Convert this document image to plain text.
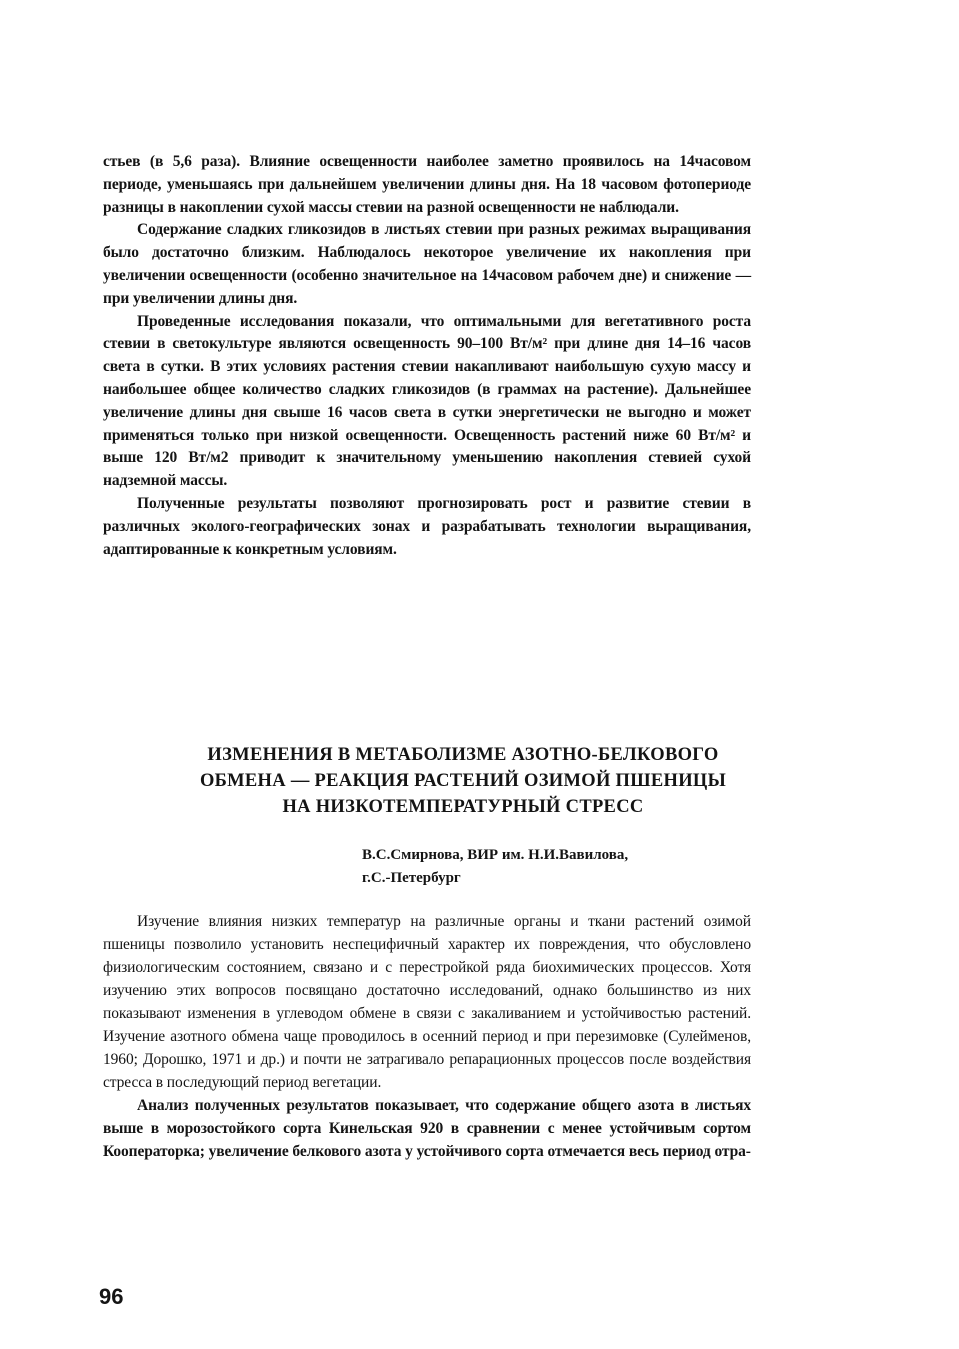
стьев (в 5,6 раза). Влияние освещенности наиболее заметно проявилось на 14часовом периоде, уменьшаясь при дальнейшем увеличении длины дня. На 18 часовом фотопериоде разницы в накоплении сухой массы стевии на разной освещенности не наблюдали.

Содержание сладких гликозидов в листьях стевии при разных режимах выращивания было достаточно близким. Наблюдалось некоторое увеличение их накопления при увеличении освещенности (особенно значительное на 14часовом рабочем дне) и снижение — при увеличении длины дня.

Проведенные исследования показали, что оптимальными для вегетативного роста стевии в светокультуре являются освещенность 90–100 Вт/м² при длине дня 14–16 часов света в сутки. В этих условиях растения стевии накапливают наибольшую сухую массу и наибольшее общее количество сладких гликозидов (в граммах на растение). Дальнейшее увеличение длины дня свыше 16 часов света в сутки энергетически не выгодно и может применяться только при низкой освещенности. Освещенность растений ниже 60 Вт/м² и выше 120 Вт/м2 приводит к значительному уменьшению накопления стевией сухой надземной массы.

Полученные результаты позволяют прогнозировать рост и развитие стевии в различных эколого-географических зонах и разрабатывать технологии выращивания, адаптированные к конкретным условиям.

ИЗМЕНЕНИЯ В МЕТАБОЛИЗМЕ АЗОТНО-БЕЛКОВОГО
ОБМЕНА — РЕАКЦИЯ РАСТЕНИЙ ОЗИМОЙ ПШЕНИЦЫ
НА НИЗКОТЕМПЕРАТУРНЫЙ СТРЕСС
В.С.Смирнова, ВИР им. Н.И.Вавилова,
г.С.-Петербург

Изучение влияния низких температур на различные органы и ткани растений озимой пшеницы позволило установить неспецифичный характер их повреждения, что обусловлено физиологическим состоянием, связано и с перестройкой ряда биохимических процессов. Хотя изучению этих вопросов посвящано достаточно исследований, однако большинство из них показывают изменения в углеводом обмене в связи с закаливанием и устойчивостью растений. Изучение азотного обмена чаще проводилось в осенний период и при перезимовке (Сулейменов, 1960; Дорошко, 1971 и др.) и почти не затрагивало репарационных процессов после воздействия стресса в последующий период вегетации.

Анализ полученных результатов показывает, что содержание общего азота в листьях выше в морозостойкого сорта Кинельская 920 в сравнении с менее устойчивым сортом Кооператорка; увеличение белкового азота у устойчивого сорта отмечается весь период отра-

96
